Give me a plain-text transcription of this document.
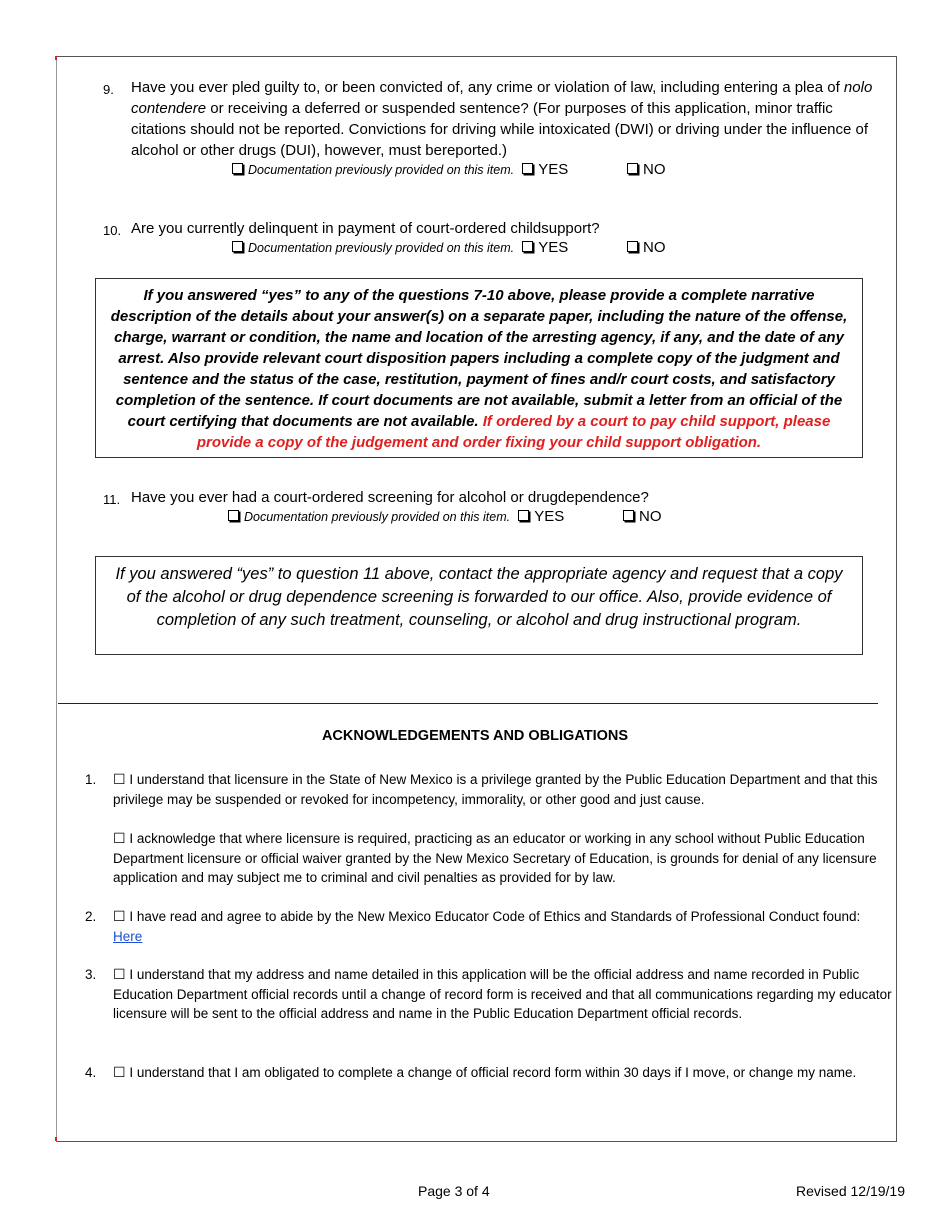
9. Have you ever pled guilty to, or been convicted of, any crime or violation of law, including entering a plea of nolo contendere or receiving a deferred or suspended sentence? (For purposes of this application, minor traffic citations should not be reported. Convictions for driving while intoxicated (DWI) or driving under the influence of alcohol or other drugs (DUI), however, must bereported.)
Documentation previously provided on this item. YES	NO
10. Are you currently delinquent in payment of court-ordered childsupport?
Documentation previously provided on this item. YES	NO
If you answered “yes” to any of the questions 7-10 above, please provide a complete narrative description of the details about your answer(s) on a separate paper, including the nature of the offense, charge, warrant or condition, the name and location of the arresting agency, if any, and the date of any arrest. Also provide relevant court disposition papers including a complete copy of the judgment and sentence and the status of the case, restitution, payment of fines and/r court costs, and satisfactory completion of the sentence. If court documents are not available, submit a letter from an official of the court certifying that documents are not available. If ordered by a court to pay child support, please provide a copy of the judgement and order fixing your child support obligation.
11. Have you ever had a court-ordered screening for alcohol or drugdependence?
Documentation previously provided on this item. YES	NO
If you answered “yes” to question 11 above, contact the appropriate agency and request that a copy of the alcohol or drug dependence screening is forwarded to our office. Also, provide evidence of completion of any such treatment, counseling, or alcohol and drug instructional program.
ACKNOWLEDGEMENTS AND OBLIGATIONS
1. ☐ I understand that licensure in the State of New Mexico is a privilege granted by the Public Education Department and that this privilege may be suspended or revoked for incompetency, immorality, or other good and just cause.
☐ I acknowledge that where licensure is required, practicing as an educator or working in any school without Public Education Department licensure or official waiver granted by the New Mexico Secretary of Education, is grounds for denial of any licensure application and may subject me to criminal and civil penalties as provided for by law.
2. ☐ I have read and agree to abide by the New Mexico Educator Code of Ethics and Standards of Professional Conduct found:
Here
3. ☐ I understand that my address and name detailed in this application will be the official address and name recorded in Public Education Department official records until a change of record form is received and that all communications regarding my educator licensure will be sent to the official address and name in the Public Education Department official records.
4. ☐ I understand that I am obligated to complete a change of official record form within 30 days if I move, or change my name.
Page 3 of 4	Revised 12/19/19
